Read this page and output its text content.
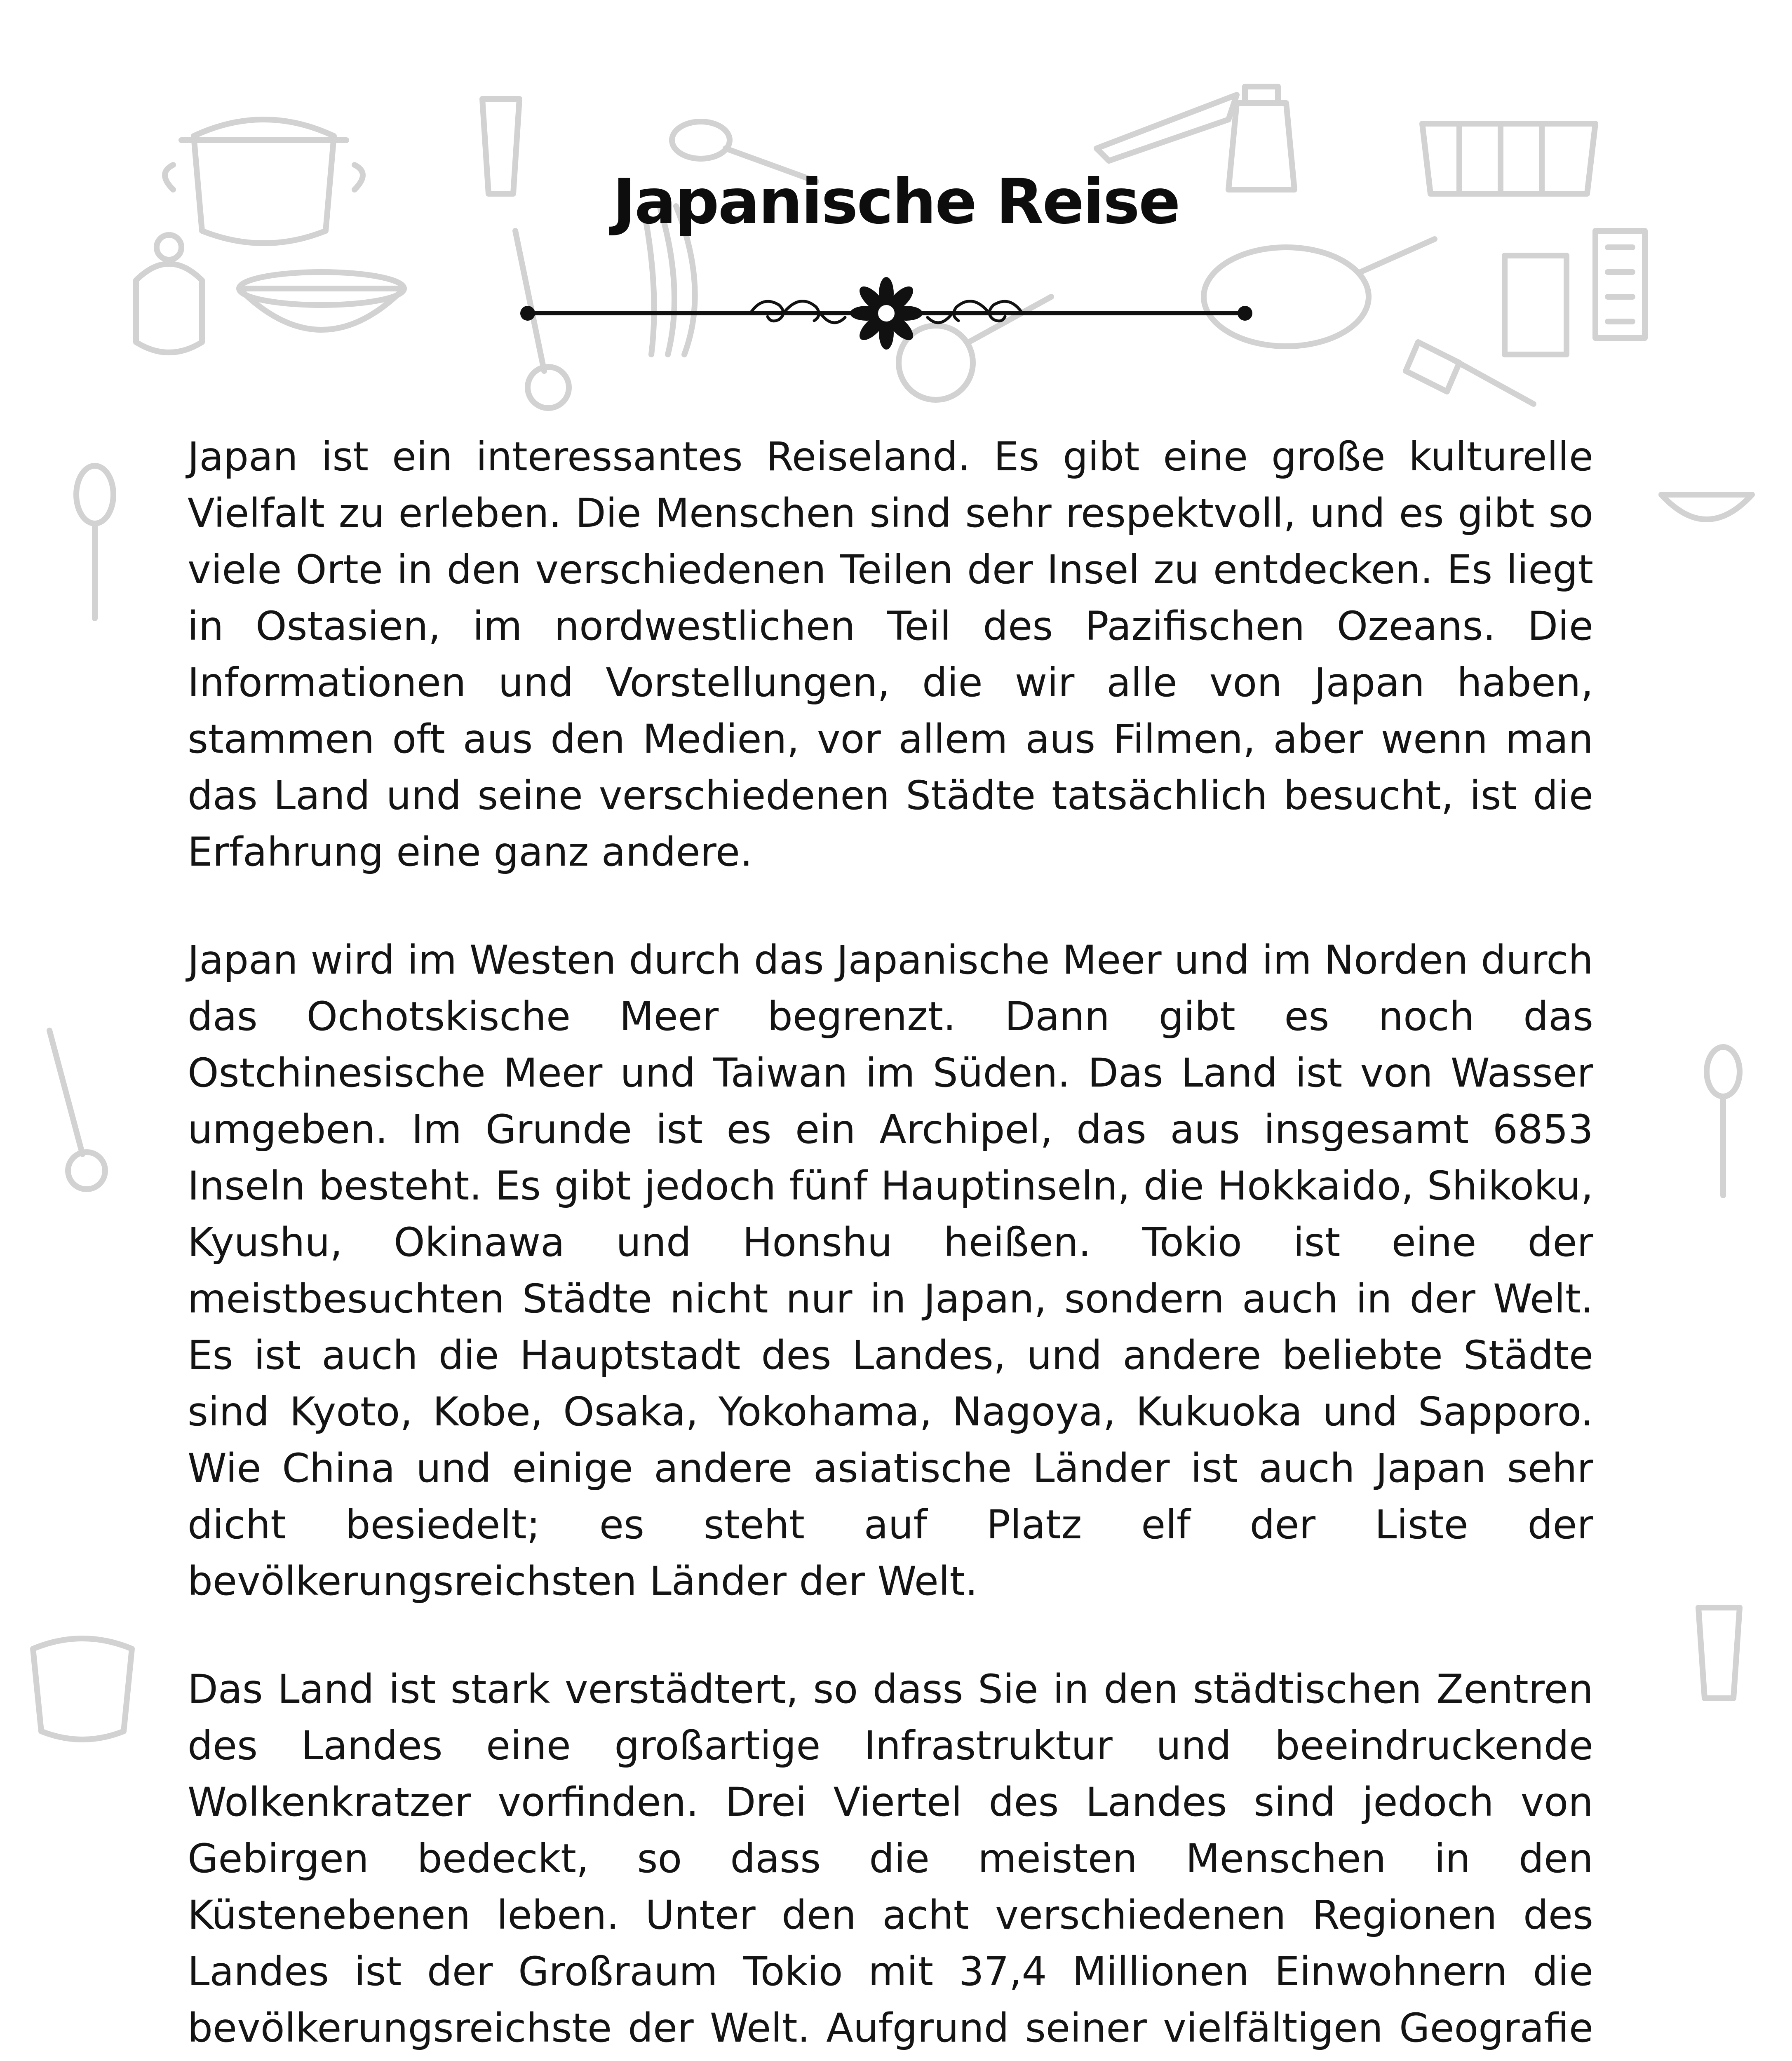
Japanische Reise

Japan ist ein interessantes Reiseland. Es gibt eine große kulturelle Vielfalt zu erleben. Die Menschen sind sehr respektvoll, und es gibt so viele Orte in den verschiedenen Teilen der Insel zu entdecken. Es liegt in Ostasien, im nordwestlichen Teil des Pazifischen Ozeans. Die Informationen und Vorstellungen, die wir alle von Japan haben, stammen oft aus den Medien, vor allem aus Filmen, aber wenn man das Land und seine verschiedenen Städte tatsächlich besucht, ist die Erfahrung eine ganz andere.

Japan wird im Westen durch das Japanische Meer und im Norden durch das Ochotskische Meer begrenzt. Dann gibt es noch das Ostchinesische Meer und Taiwan im Süden. Das Land ist von Wasser umgeben. Im Grunde ist es ein Archipel, das aus insgesamt 6853 Inseln besteht. Es gibt jedoch fünf Hauptinseln, die Hokkaido, Shikoku, Kyushu, Okinawa und Honshu heißen. Tokio ist eine der meistbesuchten Städte nicht nur in Japan, sondern auch in der Welt. Es ist auch die Hauptstadt des Landes, und andere beliebte Städte sind Kyoto, Kobe, Osaka, Yokohama, Nagoya, Kukuoka und Sapporo. Wie China und einige andere asiatische Länder ist auch Japan sehr dicht besiedelt; es steht auf Platz elf der Liste der bevölkerungsreichsten Länder der Welt.

Das Land ist stark verstädtert, so dass Sie in den städtischen Zentren des Landes eine großartige Infrastruktur und beeindruckende Wolkenkratzer vorfinden. Drei Viertel des Landes sind jedoch von Gebirgen bedeckt, so dass die meisten Menschen in den Küstenebenen leben. Unter den acht verschiedenen Regionen des Landes ist der Großraum Tokio mit 37,4 Millionen Einwohnern die bevölkerungsreichste der Welt. Aufgrund seiner vielfältigen Geografie
